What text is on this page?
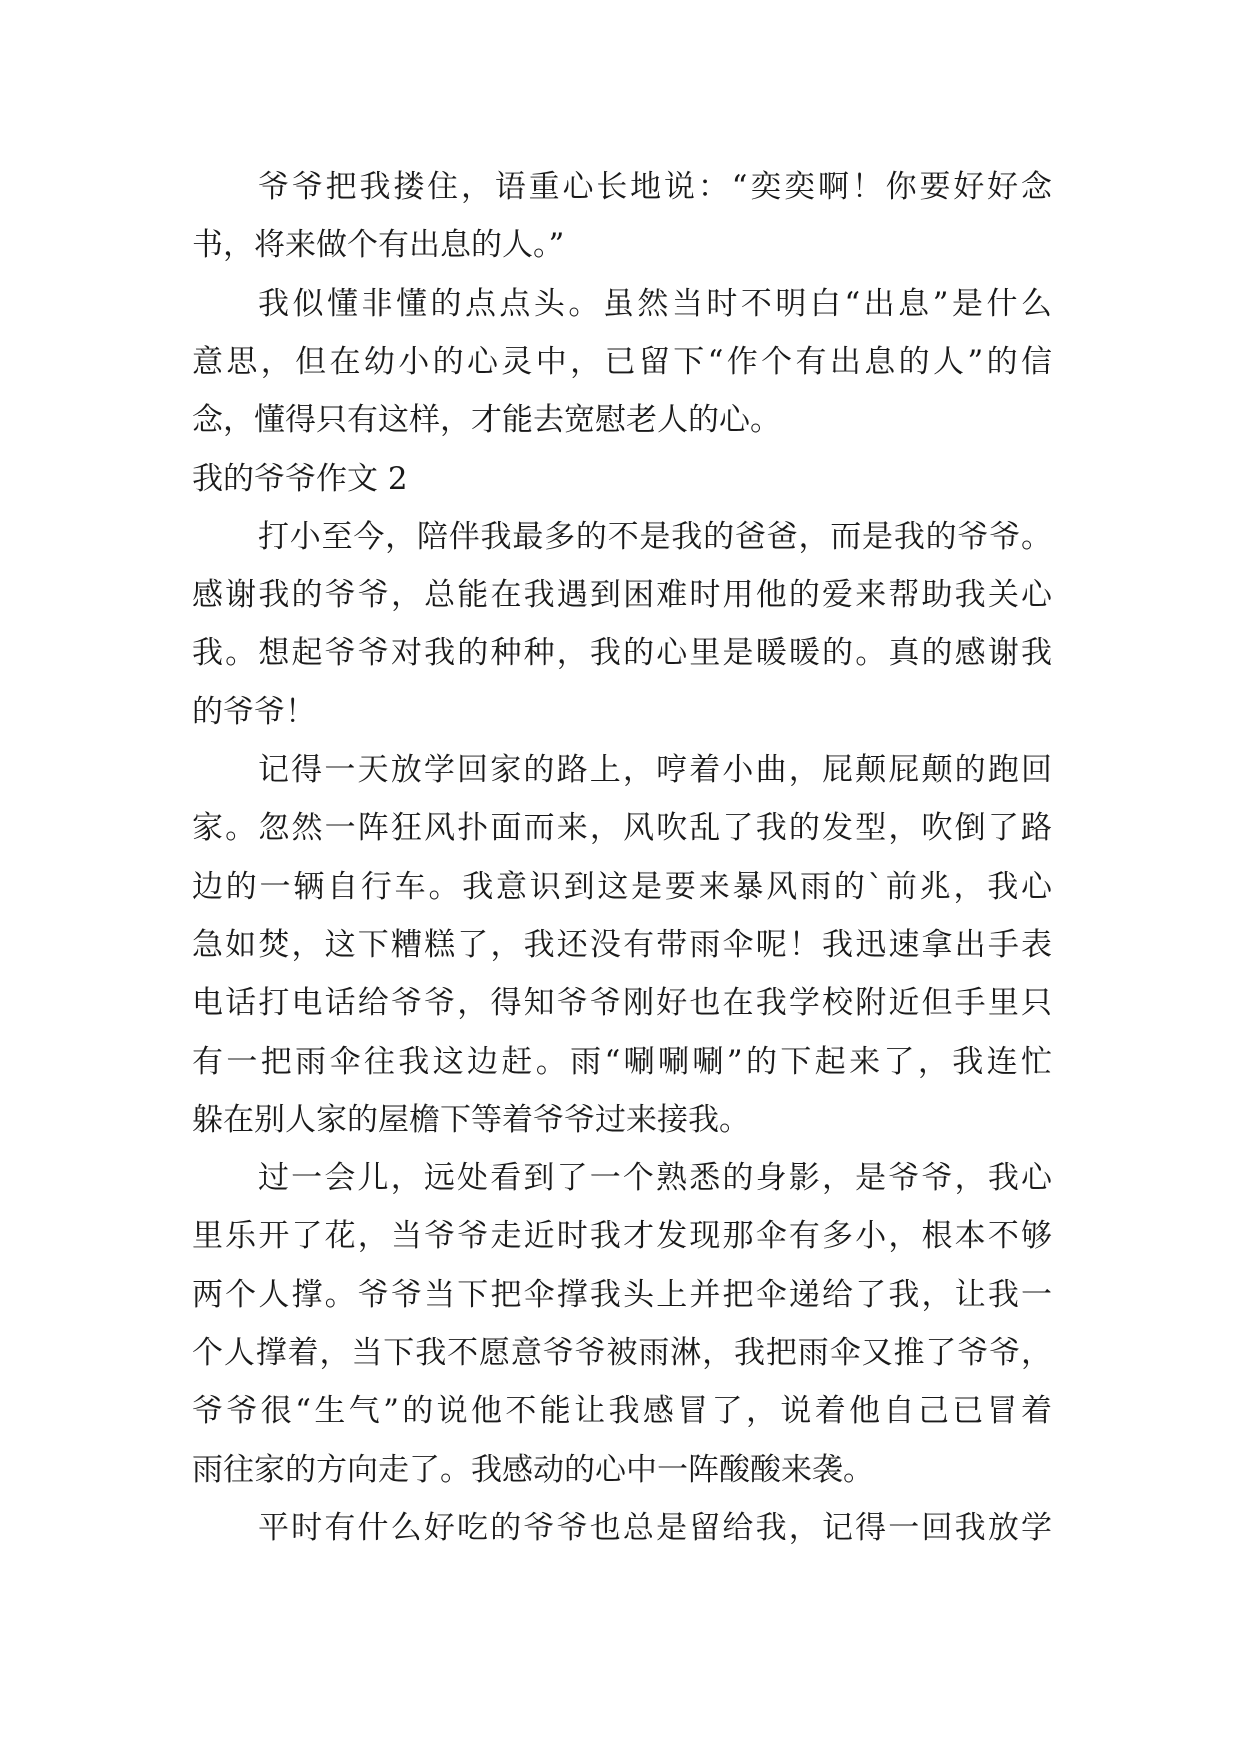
爷爷把我搂住，语重心长地说：“奕奕啊！你要好好念
书，将来做个有出息的人。”
我似懂非懂的点点头。虽然当时不明白“出息”是什么
意思，但在幼小的心灵中，已留下“作个有出息的人”的信
念，懂得只有这样，才能去宽慰老人的心。
我的爷爷作文 2
打小至今，陪伴我最多的不是我的爸爸，而是我的爷爷。
感谢我的爷爷，总能在我遇到困难时用他的爱来帮助我关心
我。想起爷爷对我的种种，我的心里是暖暖的。真的感谢我
的爷爷！
记得一天放学回家的路上，哼着小曲，屁颠屁颠的跑回
家。忽然一阵狂风扑面而来，风吹乱了我的发型，吹倒了路
边的一辆自行车。我意识到这是要来暴风雨的`前兆，我心
急如焚，这下糟糕了，我还没有带雨伞呢！我迅速拿出手表
电话打电话给爷爷，得知爷爷刚好也在我学校附近但手里只
有一把雨伞往我这边赶。雨“唰唰唰”的下起来了，我连忙
躲在别人家的屋檐下等着爷爷过来接我。
过一会儿，远处看到了一个熟悉的身影，是爷爷，我心
里乐开了花，当爷爷走近时我才发现那伞有多小，根本不够
两个人撑。爷爷当下把伞撑我头上并把伞递给了我，让我一
个人撑着，当下我不愿意爷爷被雨淋，我把雨伞又推了爷爷，
爷爷很“生气”的说他不能让我感冒了，说着他自己已冒着
雨往家的方向走了。我感动的心中一阵酸酸来袭。
平时有什么好吃的爷爷也总是留给我，记得一回我放学
